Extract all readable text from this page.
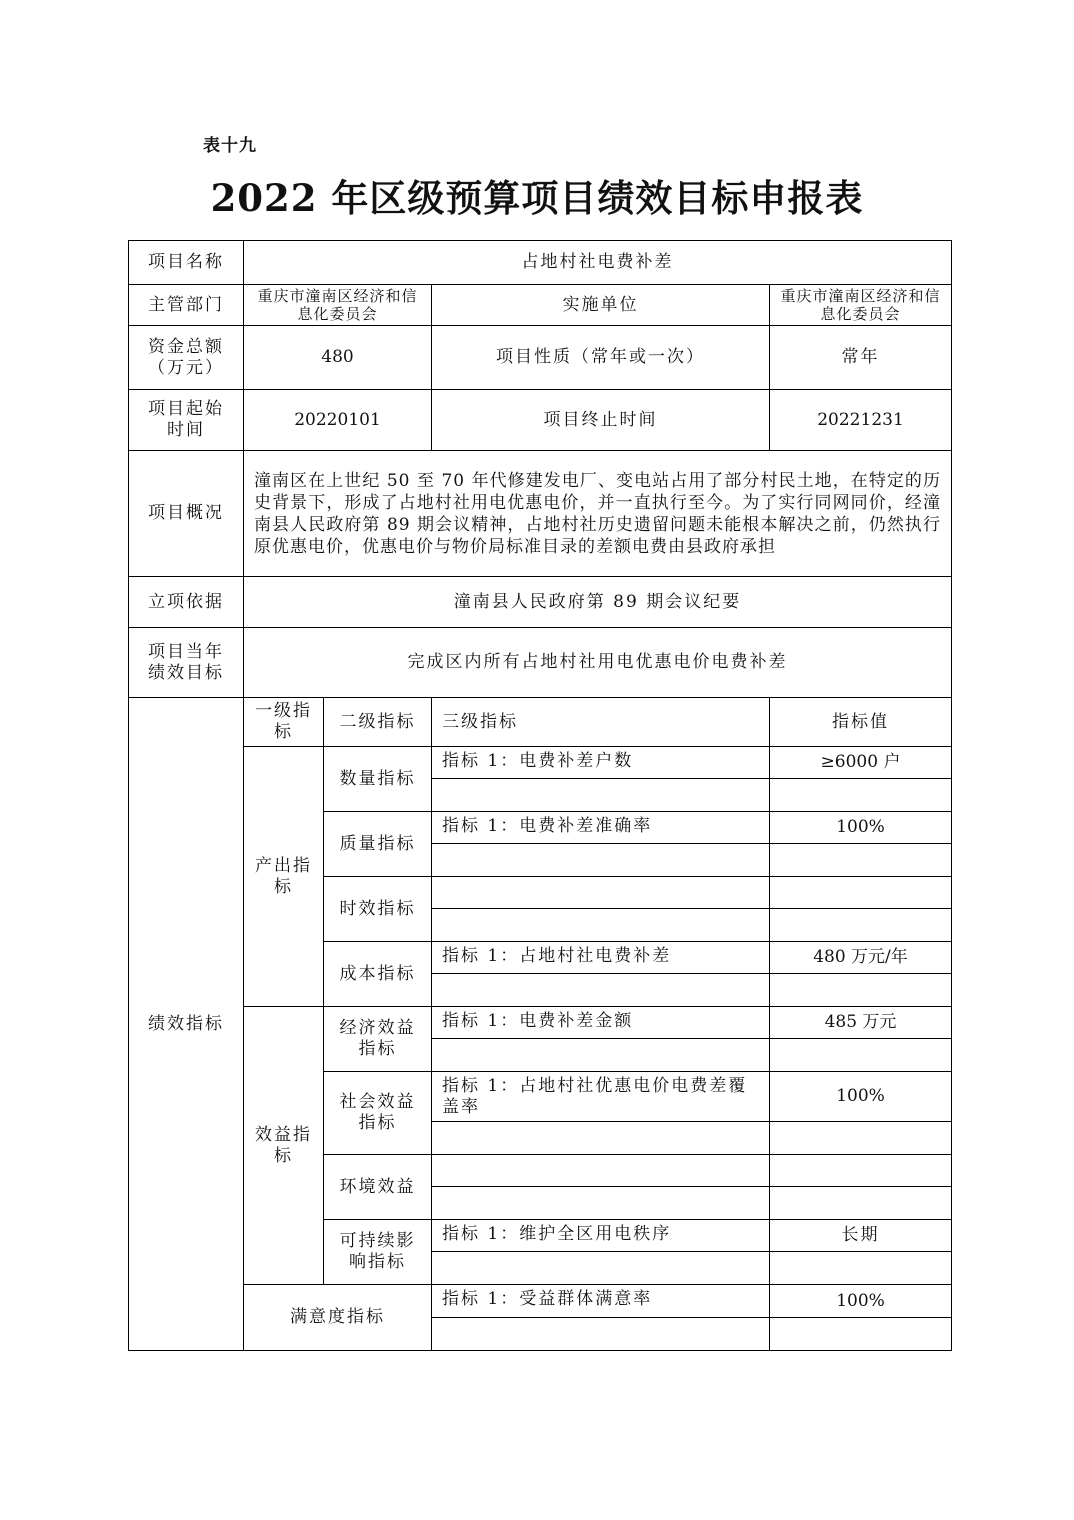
表十九
2022 年区级预算项目绩效目标申报表
项目名称	占地村社电费补差			
主管部门	重庆市潼南区经济和信息化委员会		实施单位	重庆市潼南区经济和信息化委员会
资金总额（万元）	480		项目性质（常年或一次）	常年
项目起始时间	20220101		项目终止时间	20221231
项目概况	潼南区在上世纪 50 至 70 年代修建发电厂、变电站占用了部分村民土地，在特定的历史背景下，形成了占地村社用电优惠电价，并一直执行至今。为了实行同网同价，经潼南县人民政府第 89 期会议精神，占地村社历史遗留问题未能根本解决之前，仍然执行原优惠电价，优惠电价与物价局标准目录的差额电费由县政府承担			
立项依据	潼南县人民政府第 89 期会议纪要			
项目当年绩效目标	完成区内所有占地村社用电优惠电价电费补差			
绩效指标	一级指标	二级指标	三级指标	指标值
	产出指标	数量指标	指标 1：电费补差户数	≥6000 户

		质量指标	指标 1：电费补差准确率	100%

		时效指标		

		成本指标	指标 1：占地村社电费补差	480 万元/年

	效益指标	经济效益指标	指标 1：电费补差金额	485 万元

		社会效益指标	指标 1：占地村社优惠电价电费差覆盖率	100%

		环境效益		

		可持续影响指标	指标 1：维护全区用电秩序	长期

	满意度指标		指标 1：受益群体满意率	100%
